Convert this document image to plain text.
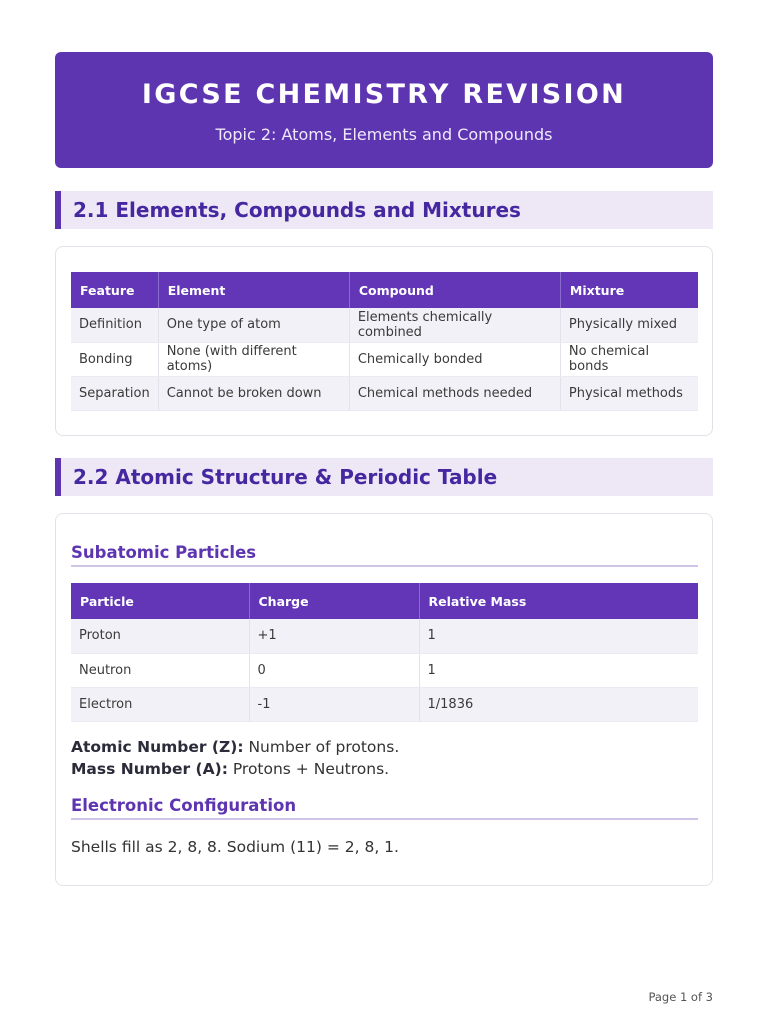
IGCSE CHEMISTRY REVISION
Topic 2: Atoms, Elements and Compounds
2.1 Elements, Compounds and Mixtures
Feature	Element	Compound	Mixture
Definition	One type of atom	Elements chemically combined	Physically mixed
Bonding	None (with different atoms)	Chemically bonded	No chemical bonds
Separation	Cannot be broken down	Chemical methods needed	Physical methods
2.2 Atomic Structure & Periodic Table
Subatomic Particles
Particle	Charge	Relative Mass
Proton	+1	1
Neutron	0	1
Electron	-1	1/1836
Atomic Number (Z): Number of protons.
Mass Number (A): Protons + Neutrons.
Electronic Configuration
Shells fill as 2, 8, 8. Sodium (11) = 2, 8, 1.
Page 1 of 3
